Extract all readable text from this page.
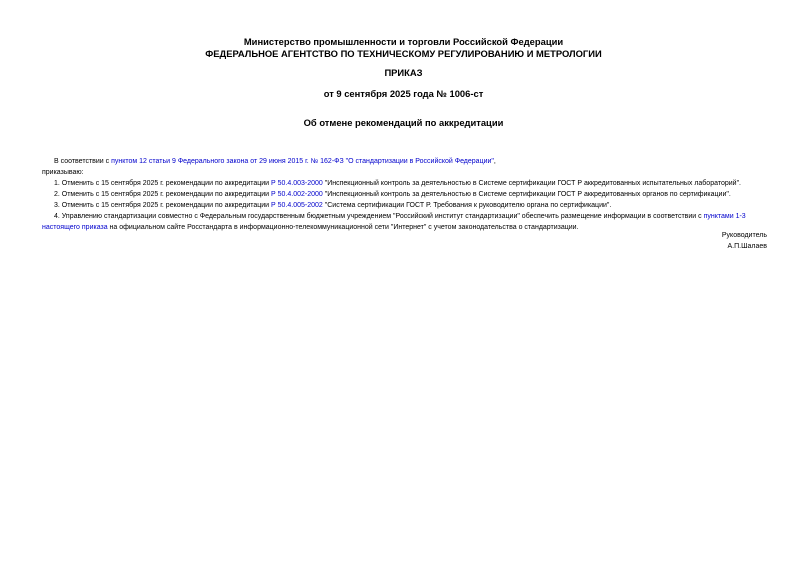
Министерство промышленности и торговли Российской Федерации
ФЕДЕРАЛЬНОЕ АГЕНТСТВО ПО ТЕХНИЧЕСКОМУ РЕГУЛИРОВАНИЮ И МЕТРОЛОГИИ
ПРИКАЗ
от 9 сентября 2025 года № 1006-ст
Об отмене рекомендаций по аккредитации

В соответствии с пунктом 12 статьи 9 Федерального закона от 29 июня 2015 г. № 162-ФЗ "О стандартизации в Российской Федерации",

приказываю:

1. Отменить с 15 сентября 2025 г. рекомендации по аккредитации Р 50.4.003-2000 "Инспекционный контроль за деятельностью в Системе сертификации ГОСТ Р аккредитованных испытательных лабораторий".

2. Отменить с 15 сентября 2025 г. рекомендации по аккредитации Р 50.4.002-2000 "Инспекционный контроль за деятельностью в Системе сертификации ГОСТ Р аккредитованных органов по сертификации".

3. Отменить с 15 сентября 2025 г. рекомендации по аккредитации Р 50.4.005-2002 "Система сертификации ГОСТ Р. Требования к руководителю органа по сертификации".

4. Управлению стандартизации совместно с Федеральным государственным бюджетным учреждением "Российский институт стандартизации" обеспечить размещение информации в соответствии с пунктами 1-3 настоящего приказа на официальном сайте Росстандарта в информационно-телекоммуникационной сети "Интернет" с учетом законодательства о стандартизации.

Руководитель
А.П.Шалаев
